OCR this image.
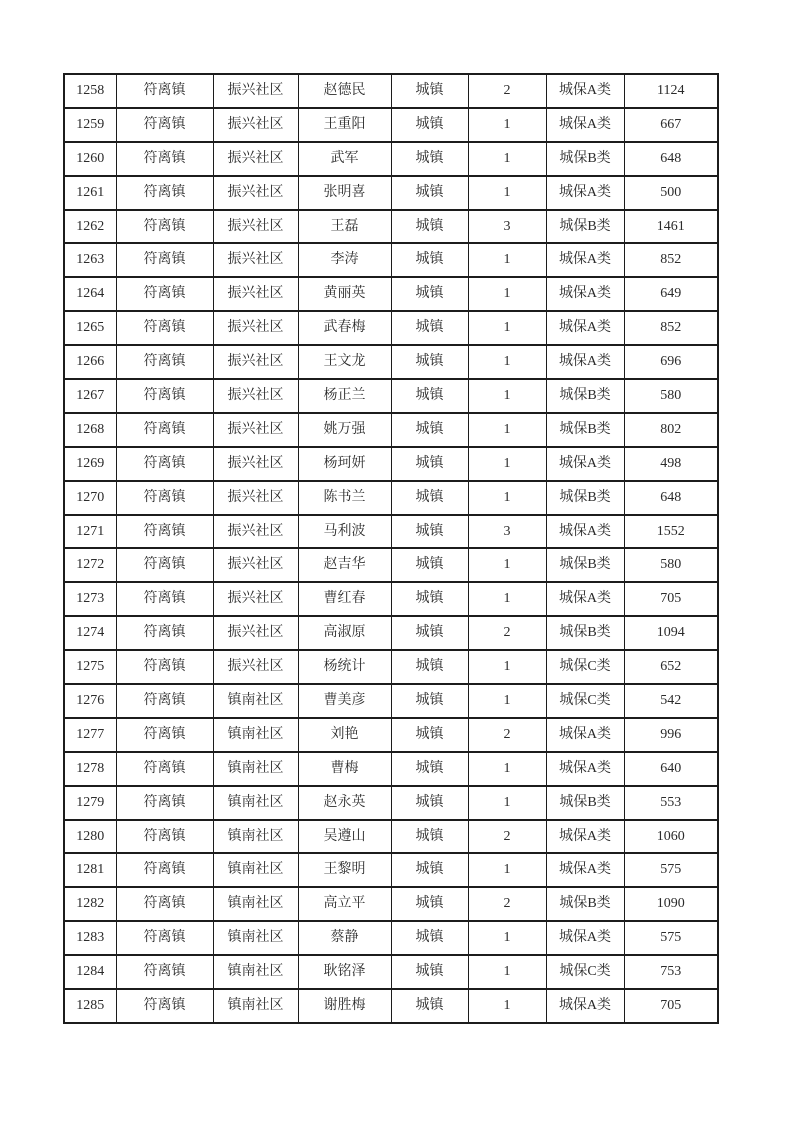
1258	符离镇	振兴社区	赵德民	城镇	2	城保A类	1124
1259	符离镇	振兴社区	王重阳	城镇	1	城保A类	667
1260	符离镇	振兴社区	武军	城镇	1	城保B类	648
1261	符离镇	振兴社区	张明喜	城镇	1	城保A类	500
1262	符离镇	振兴社区	王磊	城镇	3	城保B类	1461
1263	符离镇	振兴社区	李涛	城镇	1	城保A类	852
1264	符离镇	振兴社区	黄丽英	城镇	1	城保A类	649
1265	符离镇	振兴社区	武春梅	城镇	1	城保A类	852
1266	符离镇	振兴社区	王文龙	城镇	1	城保A类	696
1267	符离镇	振兴社区	杨正兰	城镇	1	城保B类	580
1268	符离镇	振兴社区	姚万强	城镇	1	城保B类	802
1269	符离镇	振兴社区	杨珂妍	城镇	1	城保A类	498
1270	符离镇	振兴社区	陈书兰	城镇	1	城保B类	648
1271	符离镇	振兴社区	马利波	城镇	3	城保A类	1552
1272	符离镇	振兴社区	赵吉华	城镇	1	城保B类	580
1273	符离镇	振兴社区	曹红春	城镇	1	城保A类	705
1274	符离镇	振兴社区	高淑原	城镇	2	城保B类	1094
1275	符离镇	振兴社区	杨统计	城镇	1	城保C类	652
1276	符离镇	镇南社区	曹美彦	城镇	1	城保C类	542
1277	符离镇	镇南社区	刘艳	城镇	2	城保A类	996
1278	符离镇	镇南社区	曹梅	城镇	1	城保A类	640
1279	符离镇	镇南社区	赵永英	城镇	1	城保B类	553
1280	符离镇	镇南社区	吴遵山	城镇	2	城保A类	1060
1281	符离镇	镇南社区	王黎明	城镇	1	城保A类	575
1282	符离镇	镇南社区	高立平	城镇	2	城保B类	1090
1283	符离镇	镇南社区	蔡静	城镇	1	城保A类	575
1284	符离镇	镇南社区	耿铭泽	城镇	1	城保C类	753
1285	符离镇	镇南社区	谢胜梅	城镇	1	城保A类	705
